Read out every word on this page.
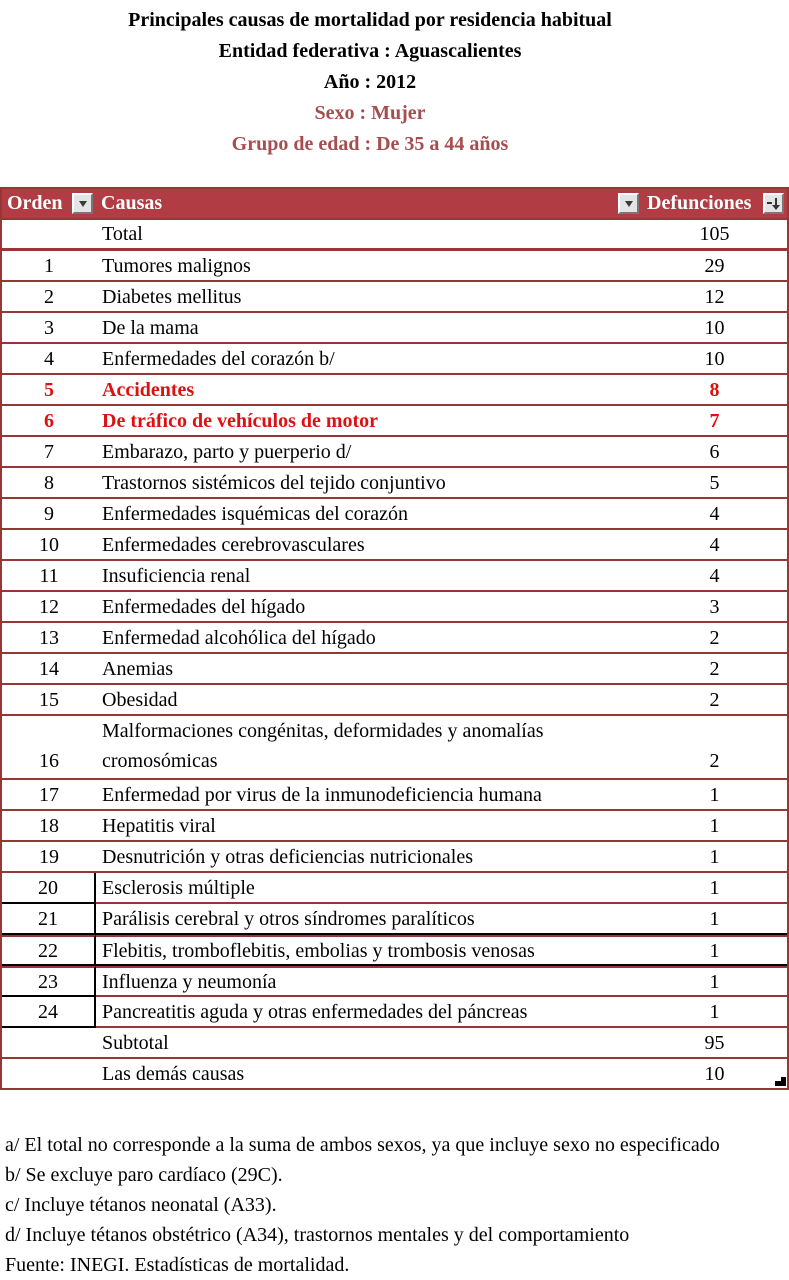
Principales causas de mortalidad por residencia habitual
Entidad federativa : Aguascalientes
Año : 2012
Sexo : Mujer
Grupo de edad : De 35 a 44 años
Orden	Causas	Defunciones

	Total	105
1	Tumores malignos	29
2	Diabetes mellitus	12
3	De la mama	10
4	Enfermedades del corazón b/	10
5	Accidentes	8
6	De tráfico de vehículos de motor	7
7	Embarazo, parto y puerperio d/	6
8	Trastornos sistémicos del tejido conjuntivo	5
9	Enfermedades isquémicas del corazón	4
10	Enfermedades cerebrovasculares	4
11	Insuficiencia renal	4
12	Enfermedades del hígado	3
13	Enfermedad alcohólica del hígado	2
14	Anemias	2
15	Obesidad	2
16	Malformaciones congénitas, deformidades y anomalías cromosómicas	2
17	Enfermedad por virus de la inmunodeficiencia humana	1
18	Hepatitis viral	1
19	Desnutrición y otras deficiencias nutricionales	1
20	Esclerosis múltiple	1
21	Parálisis cerebral y otros síndromes paralíticos	1
22	Flebitis, tromboflebitis, embolias y trombosis venosas	1
23	Influenza y neumonía	1
24	Pancreatitis aguda y otras enfermedades del páncreas	1
	Subtotal	95
	Las demás causas	10
a/ El total no corresponde a la suma de ambos sexos, ya que incluye sexo no especificado
b/ Se excluye paro cardíaco (29C).
c/ Incluye tétanos neonatal (A33).
d/ Incluye tétanos obstétrico (A34), trastornos mentales y del comportamiento
Fuente: INEGI. Estadísticas de mortalidad.
